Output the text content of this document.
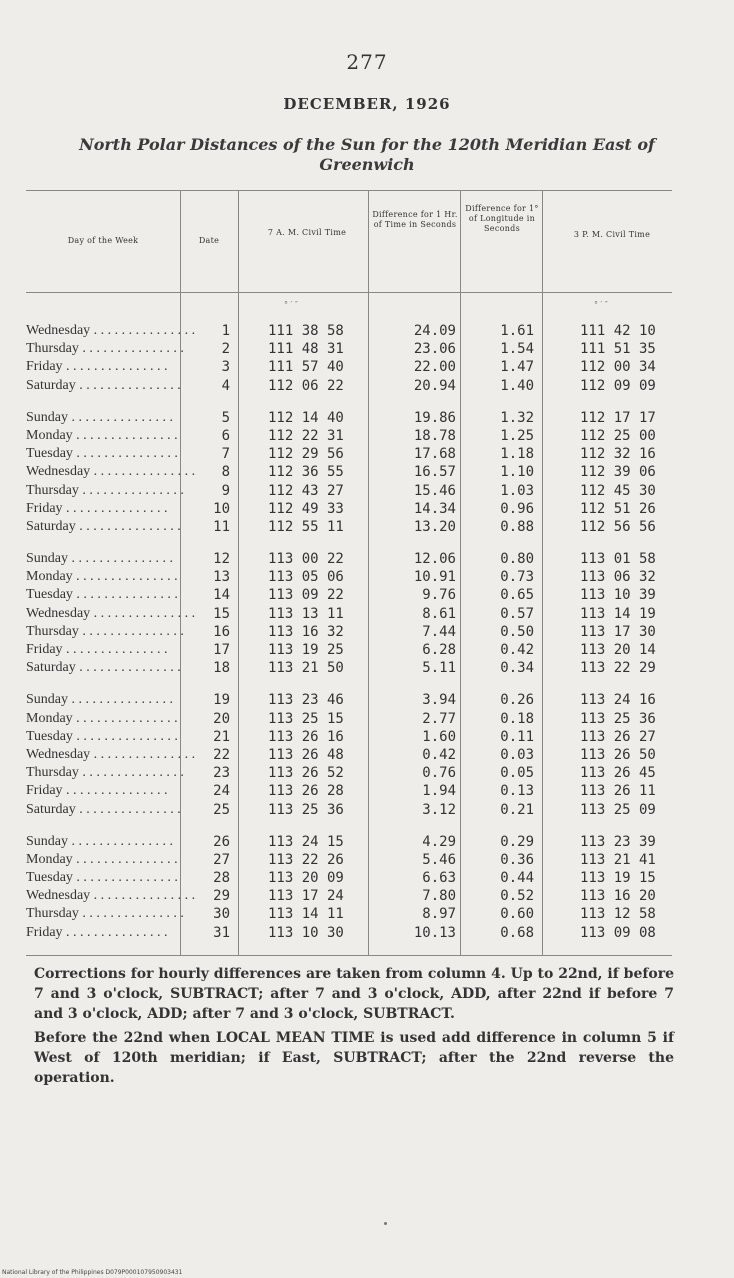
277
DECEMBER, 1926
North Polar Distances of the Sun for the 120th Meridian East of Greenwich
Day of the Week	Date
7 A. M. Civil Time
Difference for 1 Hr. of Time in Seconds
Difference for 1° of Longitude in Seconds
3 P. M. Civil Time
° ′ ″	° ′ ″
Wednesday . . . . . . . . . . . . . . .	1	111 38 58	24.09	1.61	111 42 10
Thursday . . . . . . . . . . . . . . .	2	111 48 31	23.06	1.54	111 51 35
Friday . . . . . . . . . . . . . . .	3	111 57 40	22.00	1.47	112 00 34
Saturday . . . . . . . . . . . . . . .	4	112 06 22	20.94	1.40	112 09 09
Sunday . . . . . . . . . . . . . . .	5	112 14 40	19.86	1.32	112 17 17
Monday . . . . . . . . . . . . . . .	6	112 22 31	18.78	1.25	112 25 00
Tuesday . . . . . . . . . . . . . . .	7	112 29 56	17.68	1.18	112 32 16
Wednesday . . . . . . . . . . . . . . .	8	112 36 55	16.57	1.10	112 39 06
Thursday . . . . . . . . . . . . . . .	9	112 43 27	15.46	1.03	112 45 30
Friday . . . . . . . . . . . . . . .	10	112 49 33	14.34	0.96	112 51 26
Saturday . . . . . . . . . . . . . . .	11	112 55 11	13.20	0.88	112 56 56
Sunday . . . . . . . . . . . . . . .	12	113 00 22	12.06	0.80	113 01 58
Monday . . . . . . . . . . . . . . .	13	113 05 06	10.91	0.73	113 06 32
Tuesday . . . . . . . . . . . . . . .	14	113 09 22	9.76	0.65	113 10 39
Wednesday . . . . . . . . . . . . . . .	15	113 13 11	8.61	0.57	113 14 19
Thursday . . . . . . . . . . . . . . .	16	113 16 32	7.44	0.50	113 17 30
Friday . . . . . . . . . . . . . . .	17	113 19 25	6.28	0.42	113 20 14
Saturday . . . . . . . . . . . . . . .	18	113 21 50	5.11	0.34	113 22 29
Sunday . . . . . . . . . . . . . . .	19	113 23 46	3.94	0.26	113 24 16
Monday . . . . . . . . . . . . . . .	20	113 25 15	2.77	0.18	113 25 36
Tuesday . . . . . . . . . . . . . . .	21	113 26 16	1.60	0.11	113 26 27
Wednesday . . . . . . . . . . . . . . .	22	113 26 48	0.42	0.03	113 26 50
Thursday . . . . . . . . . . . . . . .	23	113 26 52	0.76	0.05	113 26 45
Friday . . . . . . . . . . . . . . .	24	113 26 28	1.94	0.13	113 26 11
Saturday . . . . . . . . . . . . . . .	25	113 25 36	3.12	0.21	113 25 09
Sunday . . . . . . . . . . . . . . .	26	113 24 15	4.29	0.29	113 23 39
Monday . . . . . . . . . . . . . . .	27	113 22 26	5.46	0.36	113 21 41
Tuesday . . . . . . . . . . . . . . .	28	113 20 09	6.63	0.44	113 19 15
Wednesday . . . . . . . . . . . . . . .	29	113 17 24	7.80	0.52	113 16 20
Thursday . . . . . . . . . . . . . . .	30	113 14 11	8.97	0.60	113 12 58
Friday . . . . . . . . . . . . . . .	31	113 10 30	10.13	0.68	113 09 08

Corrections for hourly differences are taken from column 4. Up to 22nd, if before 7 and 3 o'clock, SUBTRACT; after 7 and 3 o'clock, ADD, after 22nd if before 7 and 3 o'clock, ADD; after 7 and 3 o'clock, SUBTRACT.

Before the 22nd when LOCAL MEAN TIME is used add difference in column 5 if West of 120th meridian; if East, SUBTRACT; after the 22nd reverse the operation.

National Library of the Philippines D079P000107950903431
